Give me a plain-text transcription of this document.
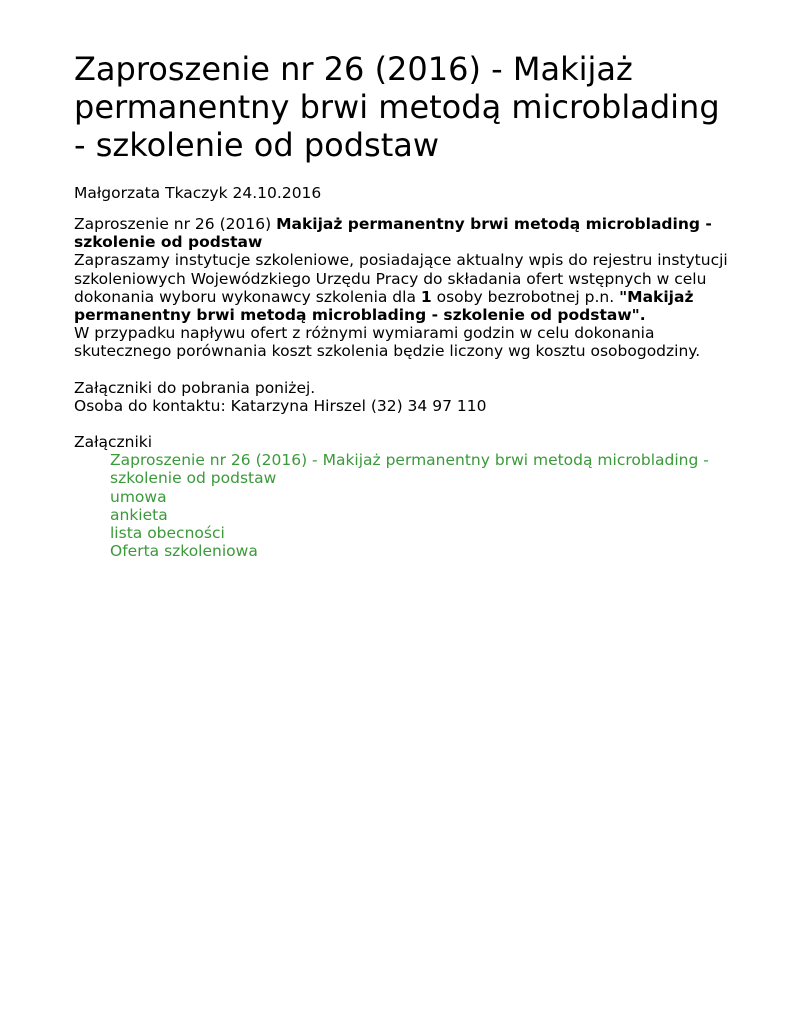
Zaproszenie nr 26 (2016) - Makijaż permanentny brwi metodą microblading - szkolenie od podstaw
Małgorzata Tkaczyk 24.10.2016

Zaproszenie nr 26 (2016) Makijaż permanentny brwi metodą microblading - szkolenie od podstaw

Zapraszamy instytucje szkoleniowe, posiadające aktualny wpis do rejestru instytucji szkoleniowych Wojewódzkiego Urzędu Pracy do składania ofert wstępnych w celu dokonania wyboru wykonawcy szkolenia dla 1 osoby bezrobotnej p.n. "Makijaż permanentny brwi metodą microblading - szkolenie od podstaw".

W przypadku napływu ofert z różnymi wymiarami godzin w celu dokonania skutecznego porównania koszt szkolenia będzie liczony wg kosztu osobogodziny.

Załączniki do pobrania poniżej.

Osoba do kontaktu: Katarzyna Hirszel (32) 34 97 110

Załączniki
Zaproszenie nr 26 (2016) - Makijaż permanentny brwi metodą microblading - szkolenie od podstaw
umowa
ankieta
lista obecności
Oferta szkoleniowa
